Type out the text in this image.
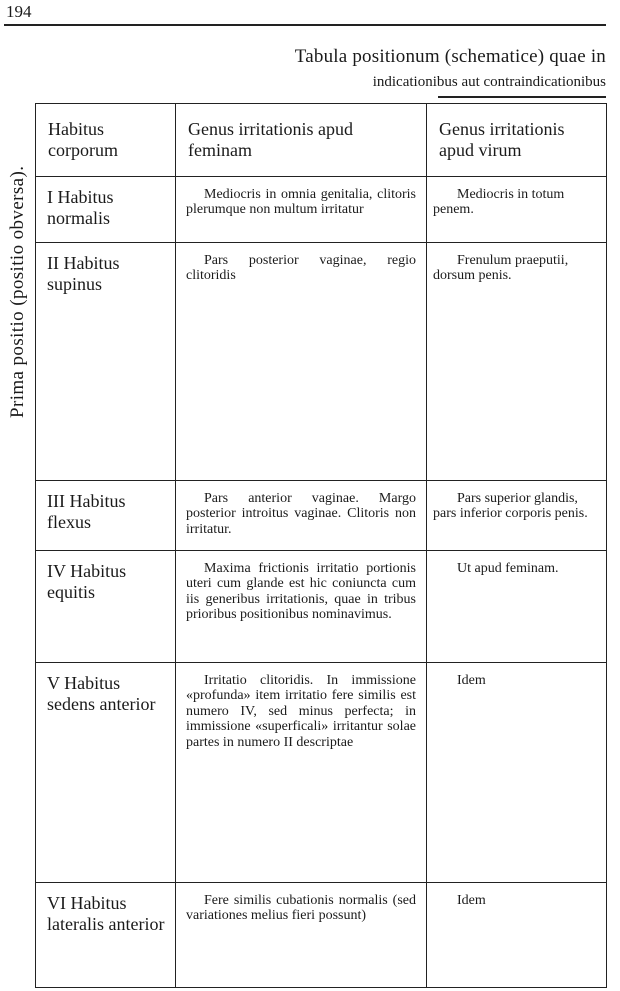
194
Tabula positionum (schematice) quae in
indicationibus aut contraindicationibus
Prima positio (positio obversa).
Habitus corporum	Genus irritationis apud feminam	Genus irritationis apud virum
I Habitus normalis	Mediocris in omnia genitalia, clitoris plerumque non multum irritatur	Mediocris in totum penem.
II Habitus supinus	Pars posterior vaginae, regio clitoridis	Frenulum praeputii, dorsum penis.
III Habitus flexus	Pars anterior vaginae. Margo posterior introitus vaginae. Clitoris non irritatur.	Pars superior glandis, pars inferior corporis penis.
IV Habitus equitis	Maxima frictionis irritatio portionis uteri cum glande est hic coniuncta cum iis generibus irritationis, quae in tribus prioribus positionibus nominavimus.	Ut apud feminam.
V Habitus sedens anterior	Irritatio clitoridis. In immissione «profunda» item irritatio fere similis est numero IV, sed minus perfecta; in immissione «superficali» irritantur solae partes in numero II descriptae	Idem
VI Habitus lateralis anterior	Fere similis cubationis normalis (sed variationes melius fieri possunt)	Idem
